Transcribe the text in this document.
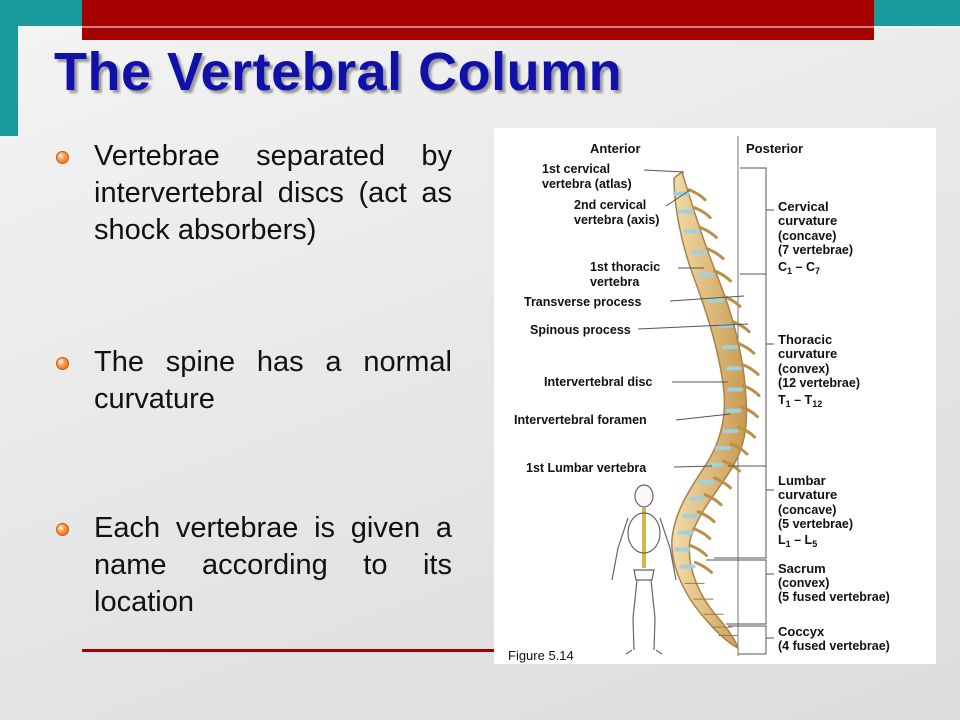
The Vertebral Column
Vertebrae separated by intervertebral discs (act as shock absorbers)
The spine has a normal curvature
Each vertebrae is given a name according to its location
Anterior	Posterior
1st cervical
vertebra (atlas)
2nd cervical
vertebra (axis)
1st thoracic
vertebra
Transverse process
Spinous process
Intervertebral disc
Intervertebral foramen
1st Lumbar vertebra
Cervical
curvature
Thoracic
curvature
Lumbar
curvature
Sacrum
Coccyx
(concave)
(7 vertebrae)
$C_1 - C_7$
(convex)
(12 vertebrae)
$T_1 - T_{12}$
(concave)
(5 vertebrae)
$L_1 - L_5$
(convex)
(5 fused vertebrae)
(4 fused vertebrae)
Figure 5.14
